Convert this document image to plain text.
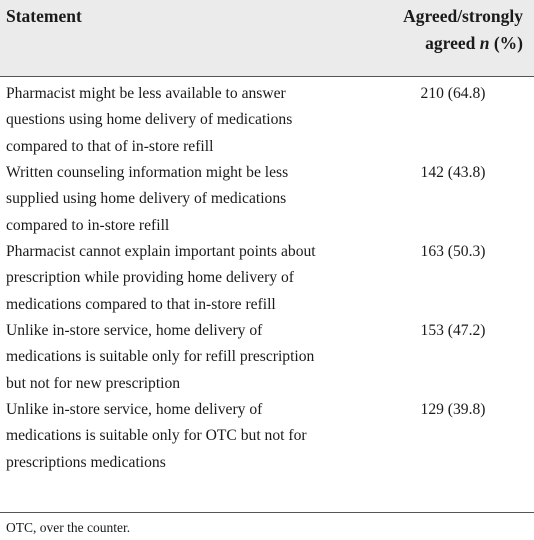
Statement	Agreed/strongly
agreed n (%)
Pharmacist might be less available to answer questions using home delivery of medications compared to that of in-store refill
210 (64.8)
Written counseling information might be less supplied using home delivery of medications compared to in-store refill
142 (43.8)
Pharmacist cannot explain important points about prescription while providing home delivery of medications compared to that in-store refill
163 (50.3)
Unlike in-store service, home delivery of medications is suitable only for refill prescription but not for new prescription
153 (47.2)
Unlike in-store service, home delivery of medications is suitable only for OTC but not for prescriptions medications
129 (39.8)
OTC, over the counter.
